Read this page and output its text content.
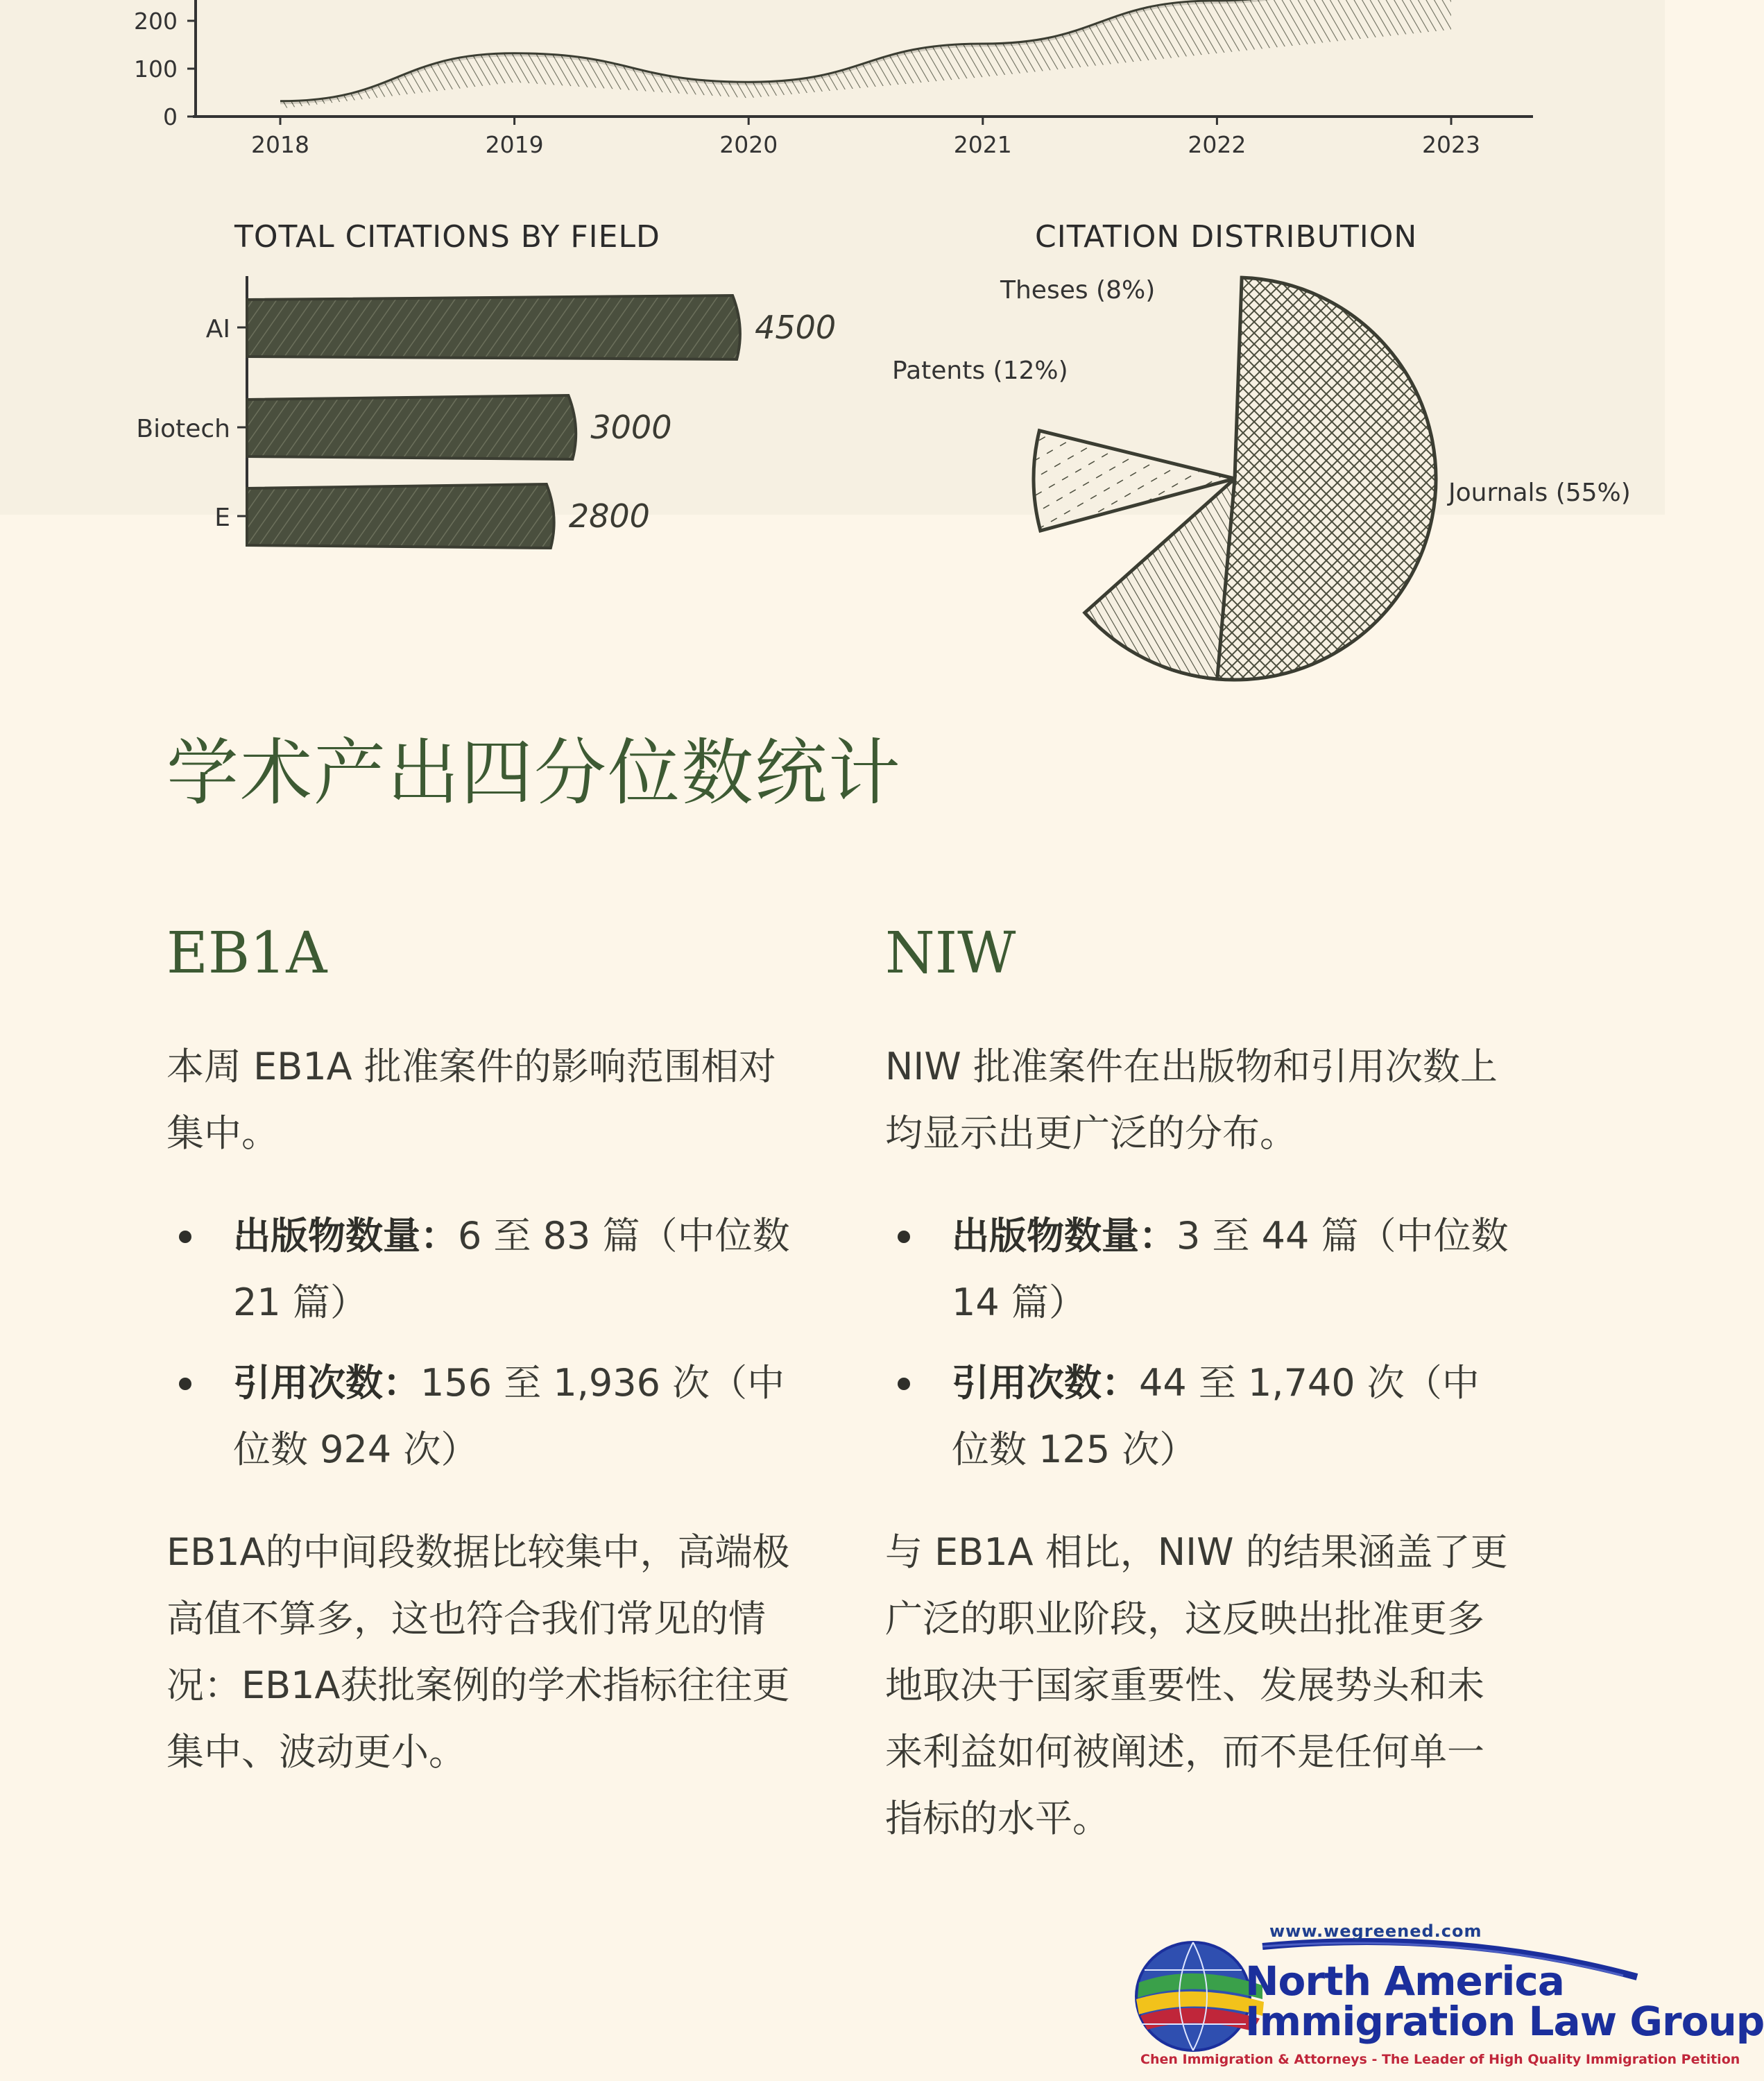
0
100
200
2018	2019	2020	2021	2022	2023
TOTAL CITATIONS BY FIELD
AI	4500
Biotech	3000
E	2800
CITATION DISTRIBUTION
Journals (55%)
Patents (12%)
Theses (8%)
学术产出四分位数统计
EB1A

本周 EB1A 批准案件的影响范围相对集中。

出版物数量：6 至 83 篇（中位数 21 篇）
引用次数：156 至 1,936 次（中位数 924 次）

EB1A的中间段数据比较集中，高端极高值不算多，这也符合我们常见的情况：EB1A获批案例的学术指标往往更集中、波动更小。

NIW

NIW 批准案件在出版物和引用次数上均显示出更广泛的分布。

出版物数量：3 至 44 篇（中位数 14 篇）
引用次数：44 至 1,740 次（中位数 125 次）

与 EB1A 相比，NIW 的结果涵盖了更广泛的职业阶段，这反映出批准更多地取决于国家重要性、发展势头和未来利益如何被阐述，而不是任何单一指标的水平。

www.wegreened.com
North America
Immigration Law Group
Chen Immigration & Attorneys - The Leader of High Quality Immigration Petition
